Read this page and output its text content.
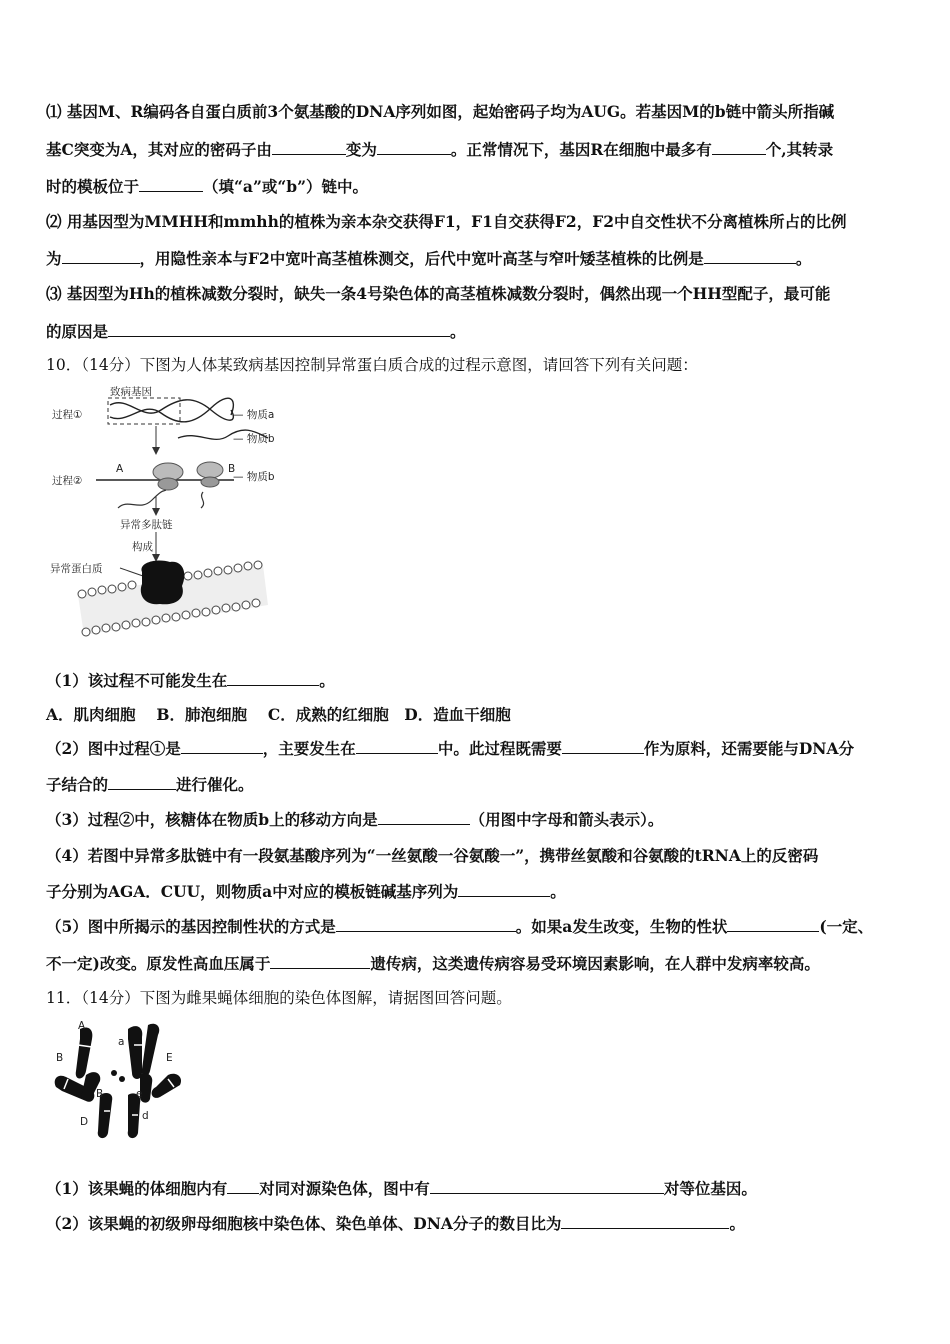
⑴ 基因M、R编码各自蛋白质前3个氨基酸的DNA序列如图，起始密码子均为AUG。若基因M的b链中箭头所指碱
基C突变为A，其对应的密码子由	变为	。正常情况下，基因R在细胞中最多有	个,其转录
时的模板位于	（填“a”或“b”）链中。
⑵ 用基因型为MMHH和mmhh的植株为亲本杂交获得F1，F1自交获得F2，F2中自交性状不分离植株所占的比例
为	，用隐性亲本与F2中宽叶高茎植株测交，后代中宽叶高茎与窄叶矮茎植株的比例是	。
⑶ 基因型为Hh的植株减数分裂时，缺失一条4号染色体的高茎植株减数分裂时，偶然出现一个HH型配子，最可能
的原因是	。
10．（14分）下图为人体某致病基因控制异常蛋白质合成的过程示意图，请回答下列有关问题：
致病基因
过程①	— 物质a
— 物质b
过程②
A	B
— 物质b
异常多肽链
构成
异常蛋白质
（1）该过程不可能发生在	。
A．肌肉细胞　 B．肺泡细胞　 C．成熟的红细胞　D．造血干细胞
（2）图中过程①是	，主要发生在	中。此过程既需要	作为原料，还需要能与DNA分
子结合的	进行催化。
（3）过程②中，核糖体在物质b上的移动方向是	（用图中字母和箭头表示）。
（4）若图中异常多肽链中有一段氨基酸序列为“一丝氨酸一谷氨酸一”，携带丝氨酸和谷氨酸的tRNA上的反密码
子分别为AGA．CUU，则物质a中对应的模板链碱基序列为	。
（5）图中所揭示的基因控制性状的方式是	。如果a发生改变，生物的性状	(一定、
不一定)改变。原发性高血压属于	遗传病，这类遗传病容易受环境因素影响，在人群中发病率较高。
11．（14分）下图为雌果蝇体细胞的染色体图解，请据图回答问题。
A
a
B	E
B	e
D	d
（1）该果蝇的体细胞内有 对同对源染色体，图中有	对等位基因。
（2）该果蝇的初级卵母细胞核中染色体、染色单体、DNA分子的数目比为	。
